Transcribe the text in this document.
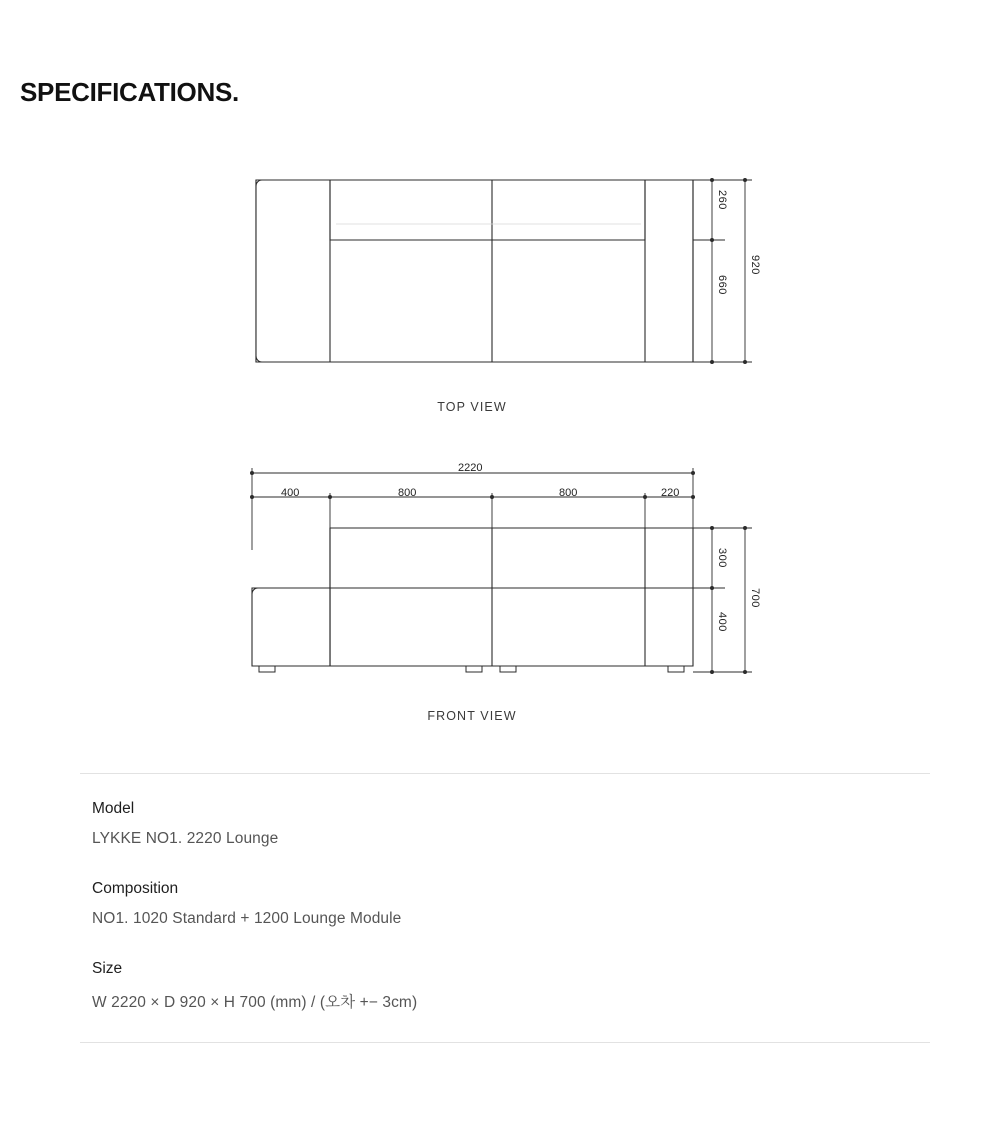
SPECIFICATIONS.
260
660
920
TOP VIEW
2220
400	800	800	220
300
400
700
FRONT VIEW
Model
LYKKE NO1. 2220 Lounge
Composition
NO1. 1020 Standard + 1200 Lounge Module
Size
W 2220 × D 920 × H 700 (mm) / (오차 +− 3cm)
